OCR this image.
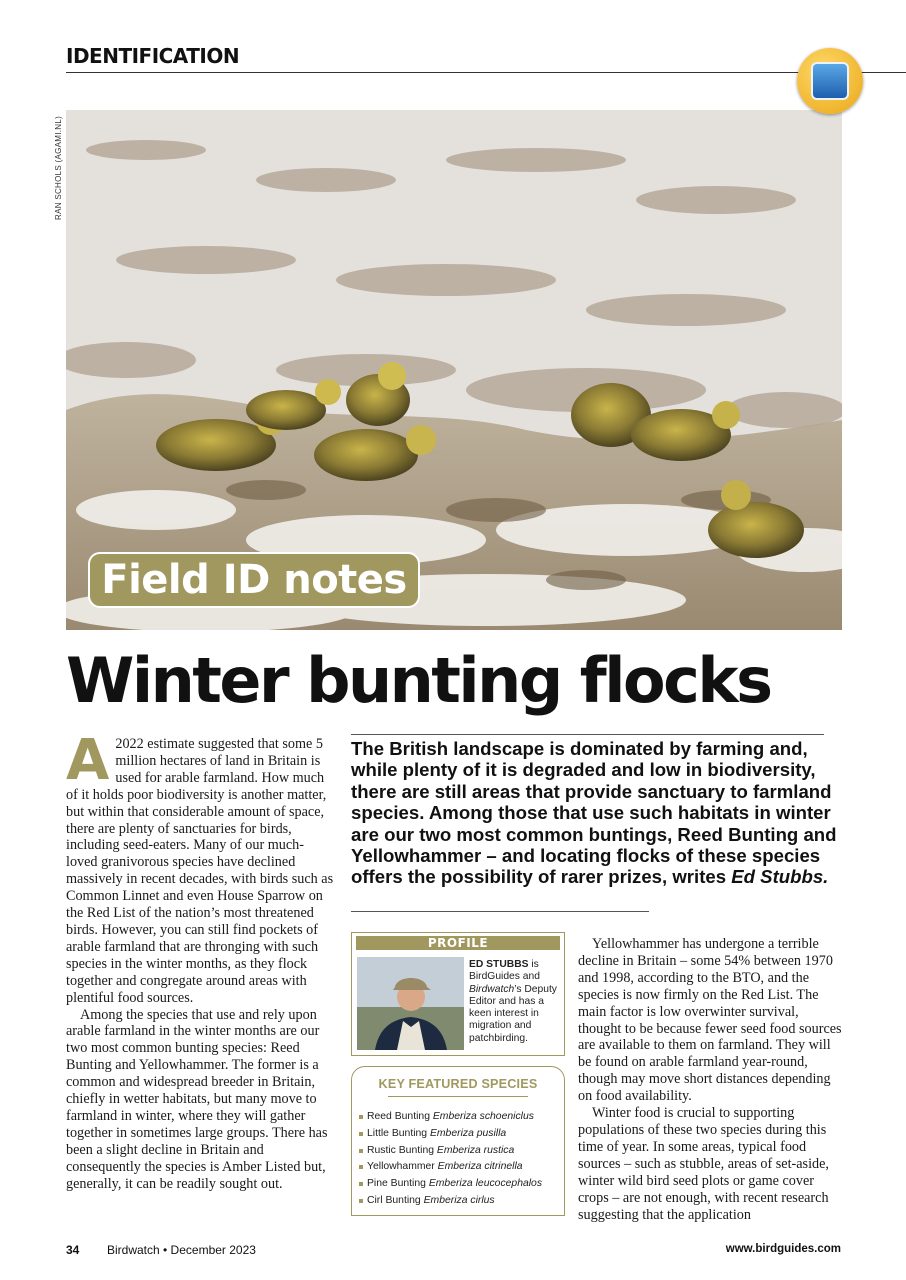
IDENTIFICATION
RAN SCHOLS (AGAMI.NL)
Field ID notes
Winter bunting flocks

A 2022 estimate suggested that some 5 million hectares of land in Britain is used for arable farmland. How much of it holds poor biodiversity is another matter, but within that considerable amount of space, there are plenty of sanctuaries for birds, including seed-eaters. Many of our much-loved granivorous species have declined massively in recent decades, with birds such as Common Linnet and even House Sparrow on the Red List of the nation’s most threatened birds. However, you can still find pockets of arable farmland that are thronging with such species in the winter months, as they flock together and congregate around areas with plentiful food sources.

Among the species that use and rely upon arable farmland in the winter months are our two most common bunting species: Reed Bunting and Yellowhammer. The former is a common and widespread breeder in Britain, chiefly in wetter habitats, but many move to farmland in winter, where they will gather together in sometimes large groups. There has been a slight decline in Britain and consequently the species is Amber Listed but, generally, it can be readily sought out.

The British landscape is dominated by farming and, while plenty of it is degraded and low in biodiversity, there are still areas that provide sanctuary to farmland species. Among those that use such habitats in winter are our two most common buntings, Reed Bunting and Yellowhammer – and locating flocks of these species offers the possibility of rarer prizes, writes Ed Stubbs.
PROFILE
ED STUBBS is BirdGuides and Birdwatch’s Deputy Editor and has a keen interest in migration and patchbirding.
KEY FEATURED SPECIES
Reed Bunting Emberiza schoeniclus
Little Bunting Emberiza pusilla
Rustic Bunting Emberiza rustica
Yellowhammer Emberiza citrinella
Pine Bunting Emberiza leucocephalos
Cirl Bunting Emberiza cirlus

Yellowhammer has undergone a terrible decline in Britain – some 54% between 1970 and 1998, according to the BTO, and the species is now firmly on the Red List. The main factor is low overwinter survival, thought to be because fewer seed food sources are available to them on farmland. They will be found on arable farmland year-round, though may move short distances depending on food availability.

Winter food is crucial to supporting populations of these two species during this time of year. In some areas, typical food sources – such as stubble, areas of set-aside, winter wild bird seed plots or game cover crops – are not enough, with recent research suggesting that the application

34 Birdwatch • December 2023	www.birdguides.com
